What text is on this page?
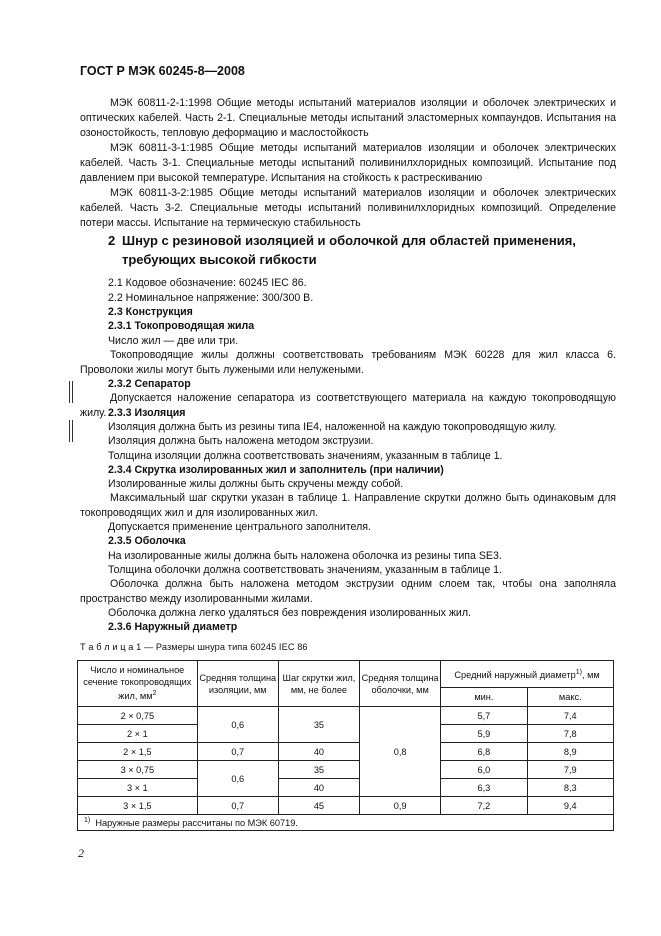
ГОСТ Р МЭК 60245-8—2008
МЭК 60811-2-1:1998 Общие методы испытаний материалов изоляции и оболочек электрических и оптических кабелей. Часть 2-1. Специальные методы испытаний эластомерных компаундов. Испытания на озоностойкость, тепловую деформацию и маслостойкость
МЭК 60811-3-1:1985 Общие методы испытаний материалов изоляции и оболочек электрических кабелей. Часть 3-1. Специальные методы испытаний поливинилхлоридных композиций. Испытание под давлением при высокой температуре. Испытания на стойкость к растрескиванию
МЭК 60811-3-2:1985 Общие методы испытаний материалов изоляции и оболочек электрических кабелей. Часть 3-2. Специальные методы испытаний поливинилхлоридных композиций. Определение потери массы. Испытание на термическую стабильность
2 Шнур с резиновой изоляцией и оболочкой для областей применения,
требующих высокой гибкости
2.1 Кодовое обозначение: 60245 IEC 86.
2.2 Номинальное напряжение: 300/300 В.
2.3 Конструкция
2.3.1 Токопроводящая жила
Число жил — две или три.
Токопроводящие жилы должны соответствовать требованиям МЭК 60228 для жил класса 6. Проволоки жилы могут быть лужеными или нелужеными.
2.3.2 Сепаратор
Допускается наложение сепаратора из соответствующего материала на каждую токопроводящую жилу. 2.3.3 Изоляция
Изоляция должна быть из резины типа IE4, наложенной на каждую токопроводящую жилу.
Изоляция должна быть наложена методом экструзии.
Толщина изоляции должна соответствовать значениям, указанным в таблице 1.
2.3.4 Скрутка изолированных жил и заполнитель (при наличии)
Изолированные жилы должны быть скручены между собой.
Максимальный шаг скрутки указан в таблице 1. Направление скрутки должно быть одинаковым для токопроводящих жил и для изолированных жил.
Допускается применение центрального заполнителя.
2.3.5 Оболочка
На изолированные жилы должна быть наложена оболочка из резины типа SE3.
Толщина оболочки должна соответствовать значениям, указанным в таблице 1.
Оболочка должна быть наложена методом экструзии одним слоем так, чтобы она заполняла пространство между изолированными жилами.
Оболочка должна легко удаляться без повреждения изолированных жил.
2.3.6 Наружный диаметр
Т а б л и ц а 1 — Размеры шнура типа 60245 IEC 86
Число и номинальное сечение токопроводящих жил, $мм^2$	Средняя толщина изоляции, мм	Шаг скрутки жил, мм, не более	Средняя толщина оболочки, мм	Средний наружный диаметр$^{1)}$, мм	
				мин.	макс.
2 × 0,75	0,6	35	0,8	5,7	7,4
2 × 1				5,9	7,8
2 × 1,5	0,7	40		6,8	8,9
3 × 0,75	0,6	35		6,0	7,9
3 × 1		40		6,3	8,3
3 × 1,5	0,7	45	0,9	7,2	9,4
$^{1)}$ Наружные размеры рассчитаны по МЭК 60719.					
2
